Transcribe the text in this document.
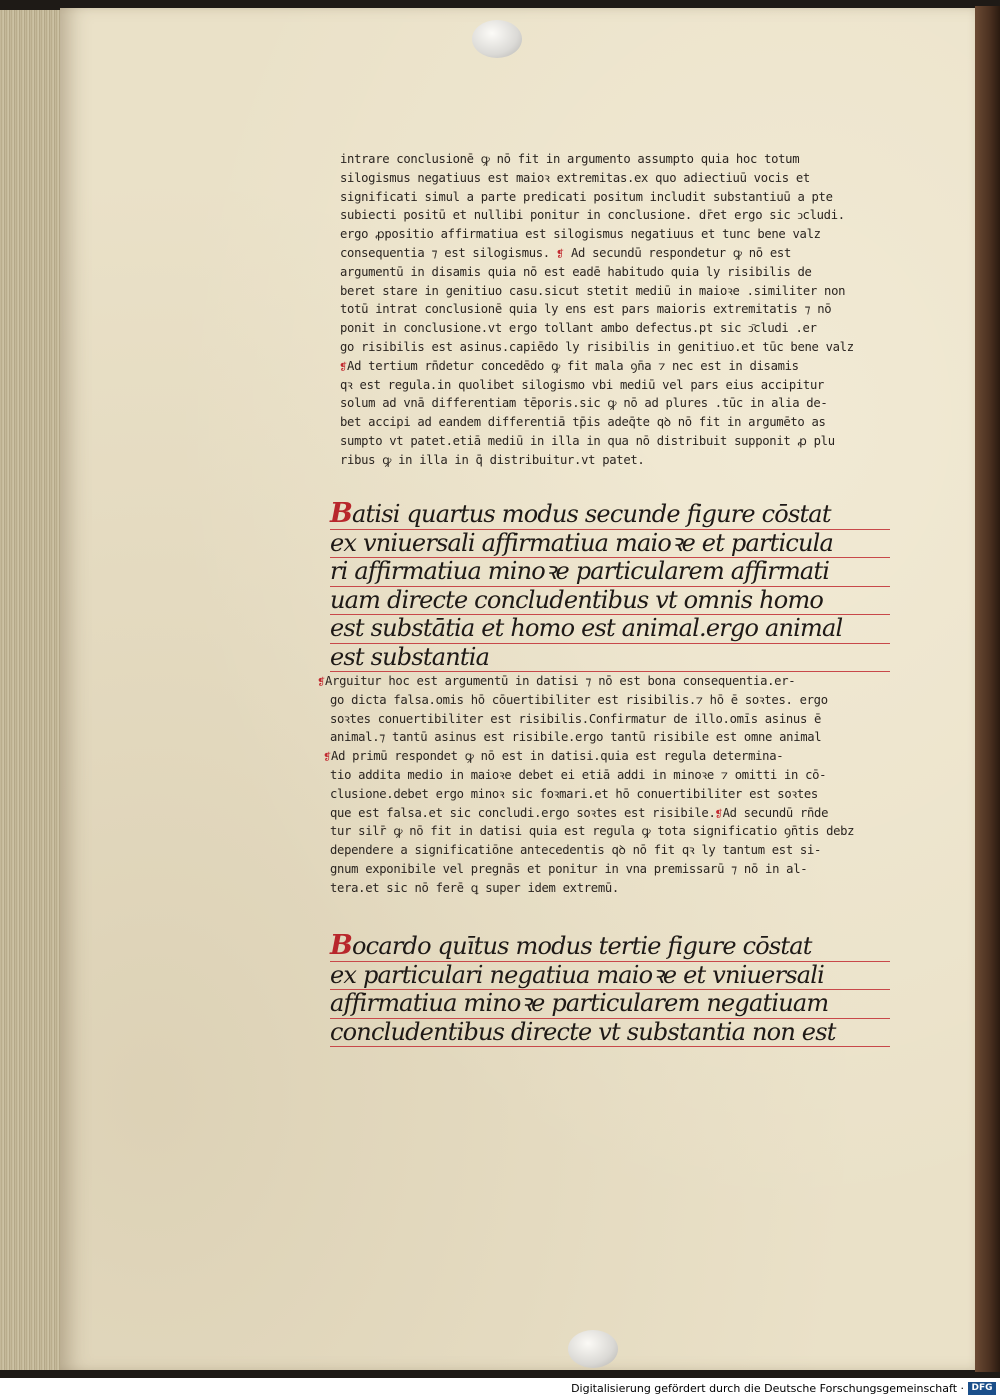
intrare conclusionē ꝙ nō fit in argumento assumpto quia hoc totum
silogismus negatiuus est maioꝛ extremitas.ex quo adiectiuū vocis et
significati simul a parte predicati positum includit substantiuū a pte
subiecti positū et nullibi ponitur in conclusione. dr̄et ergo sic ↄcludi.
ergo ꝓpositio affirmatiua est silogismus negatiuus et tunc bene valz
consequentia ⁊ est silogismus. ❡ Ad secundū respondetur ꝙ nō est
argumentū in disamis quia nō est eadē habitudo quia ly risibilis de
beret stare in genitiuo casu.sicut stetit mediū in maioꝛe .similiter non
totū intrat conclusionē quia ly ens est pars maioris extremitatis ⁊ nō
ponit in conclusione.vt ergo tollant ambo defectus.pt sic ↄ̄cludi .er
go risibilis est asinus.capiēdo ly risibilis in genitiuo.et tūc bene valz
❡Ad tertium rn̄detur concedēdo ꝙ fit mala ꝯn̄a ⁊ nec est in disamis
qꝛ est regula.in quolibet silogismo vbi mediū vel pars eius accipitur
solum ad vnā differentiam tēporis.sic ꝙ nō ad plures .tūc in alia de-
bet accipi ad eandem differentiā tp̄is adeq̄te qꝺ nō fit in argumēto as
sumpto vt patet.etiā mediū in illa in qua nō distribuit supponit ꝓ plu
ribus ꝙ in illa in q̄ distribuitur.vt patet.
Batisi quartus modus secunde figure cōstat
ex vniuersali affirmatiua maioꝛe et particula
ri affirmatiua minoꝛe particularem affirmati
uam directe concludentibus vt omnis homo
est substātia et homo est animal.ergo animal
est substantia
❡Arguitur hoc est argumentū in datisi ⁊ nō est bona consequentia.er-
go dicta falsa.omis hō cōuertibiliter est risibilis.⁊ hō ē soꝛtes. ergo
soꝛtes conuertibiliter est risibilis.Confirmatur de illo.omīs asinus ē
animal.⁊ tantū asinus est risibile.ergo tantū risibile est omne animal
❡Ad primū respondet ꝙ nō est in datisi.quia est regula determina-
tio addita medio in maioꝛe debet ei etiā addi in minoꝛe ⁊ omitti in cō-
clusione.debet ergo minoꝛ sic foꝛmari.et hō conuertibiliter est soꝛtes
que est falsa.et sic concludi.ergo soꝛtes est risibile.❡Ad secundū rn̄de
tur silr̄ ꝙ nō fit in datisi quia est regula ꝙ tota significatio ꝯn̄tis debz
dependere a significatiōne antecedentis qꝺ nō fit qꝛ ly tantum est si-
gnum exponibile vel pregnās et ponitur in vna premissarū ⁊ nō in al-
tera.et sic nō ferē ꝗ super idem extremū.
Bocardo quītus modus tertie figure cōstat
ex particulari negatiua maioꝛe et vniuersali
affirmatiua minoꝛe particularem negatiuam
concludentibus directe vt substantia non est
Digitalisierung gefördert durch die Deutsche Forschungsgemeinschaft · DFG
